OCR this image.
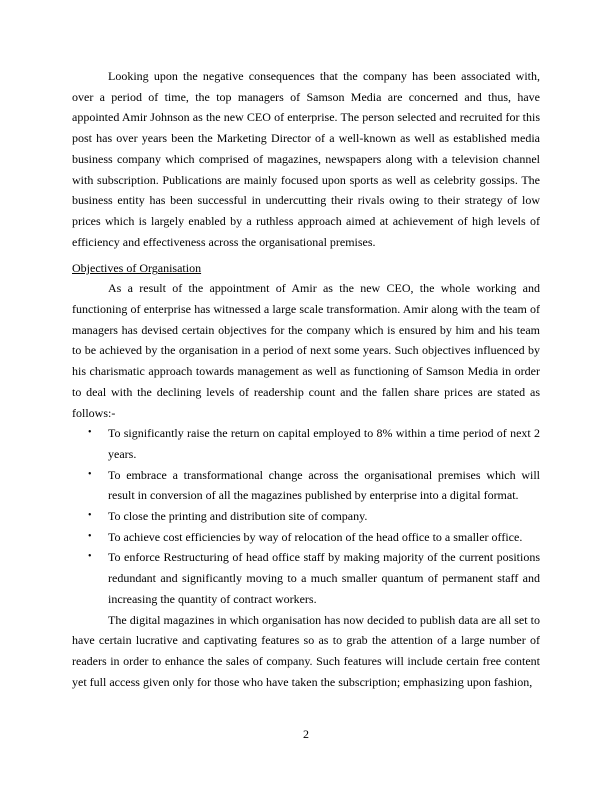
Looking upon the negative consequences that the company has been associated with, over a period of time, the top managers of Samson Media are concerned and thus, have appointed Amir Johnson as the new CEO of enterprise. The person selected and recruited for this post has over years been the Marketing Director of a well-known as well as established media business company which comprised of magazines, newspapers along with a television channel with subscription. Publications are mainly focused upon sports as well as celebrity gossips. The business entity has been successful in undercutting their rivals owing to their strategy of low prices which is largely enabled by a ruthless approach aimed at achievement of high levels of efficiency and effectiveness across the organisational premises.

Objectives of Organisation

As a result of the appointment of Amir as the new CEO, the whole working and functioning of enterprise has witnessed a large scale transformation. Amir along with the team of managers has devised certain objectives for the company which is ensured by him and his team to be achieved by the organisation in a period of next some years. Such objectives influenced by his charismatic approach towards management as well as functioning of Samson Media in order to deal with the declining levels of readership count and the fallen share prices are stated as follows:-

• To significantly raise the return on capital employed to 8% within a time period of next 2 years.
• To embrace a transformational change across the organisational premises which will result in conversion of all the magazines published by enterprise into a digital format.
• To close the printing and distribution site of company.
• To achieve cost efficiencies by way of relocation of the head office to a smaller office.
• To enforce Restructuring of head office staff by making majority of the current positions redundant and significantly moving to a much smaller quantum of permanent staff and increasing the quantity of contract workers.

The digital magazines in which organisation has now decided to publish data are all set to have certain lucrative and captivating features so as to grab the attention of a large number of readers in order to enhance the sales of company. Such features will include certain free content yet full access given only for those who have taken the subscription; emphasizing upon fashion,

2
